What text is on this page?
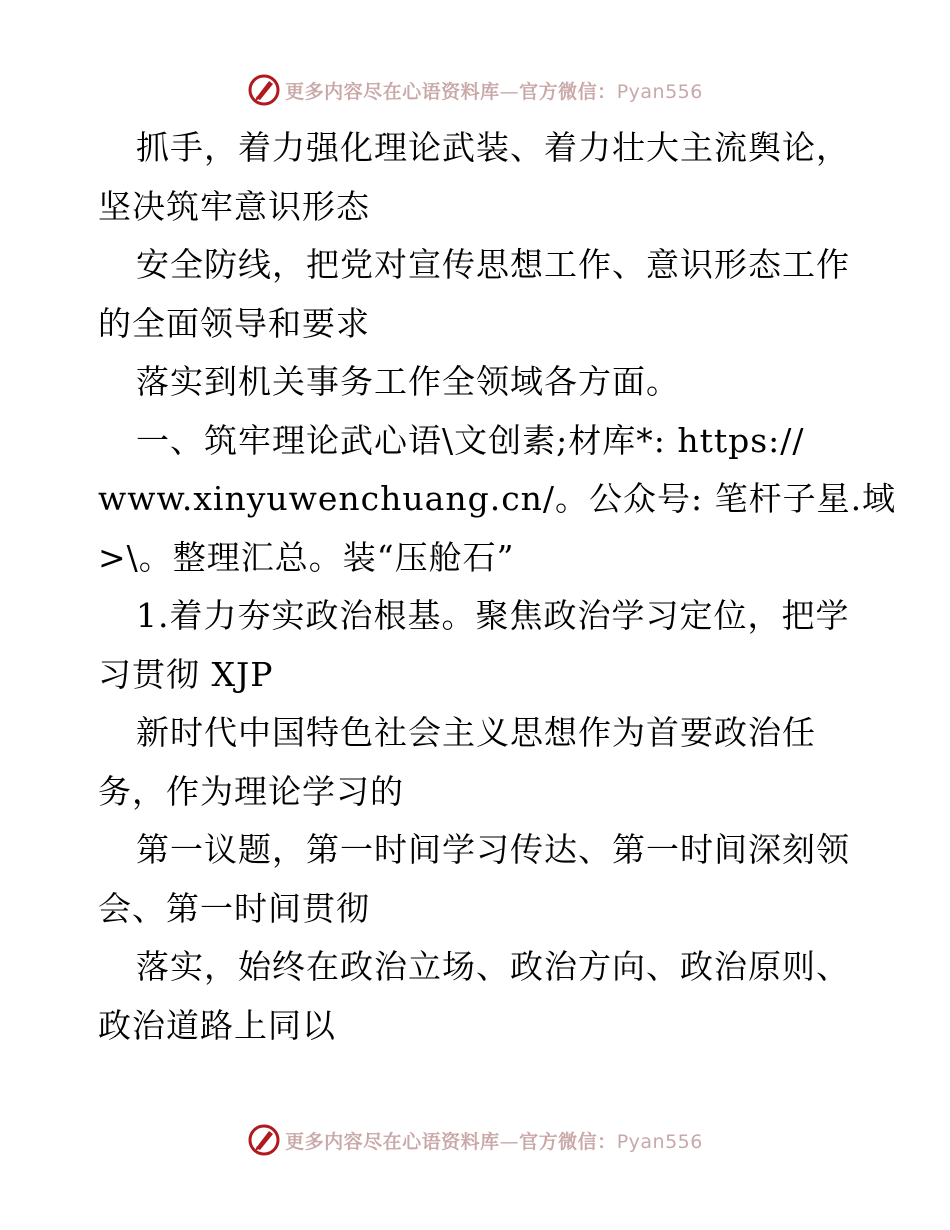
更多内容尽在心语资料库—官方微信：Pyan556

抓手，着力强化理论武装、着力壮大主流舆论，

坚决筑牢意识形态

安全防线，把党对宣传思想工作、意识形态工作

的全面领导和要求

落实到机关事务工作全领域各方面。

一、筑牢理论武心语\文创素;材库*: https://

www.xinyuwenchuang.cn/。公众号: 笔杆子星.域

>\。整理汇总。装“压舱石”

1.着力夯实政治根基。聚焦政治学习定位，把学

习贯彻 XJP

新时代中国特色社会主义思想作为首要政治任

务，作为理论学习的

第一议题，第一时间学习传达、第一时间深刻领

会、第一时间贯彻

落实，始终在政治立场、政治方向、政治原则、

政治道路上同以

更多内容尽在心语资料库—官方微信：Pyan556
